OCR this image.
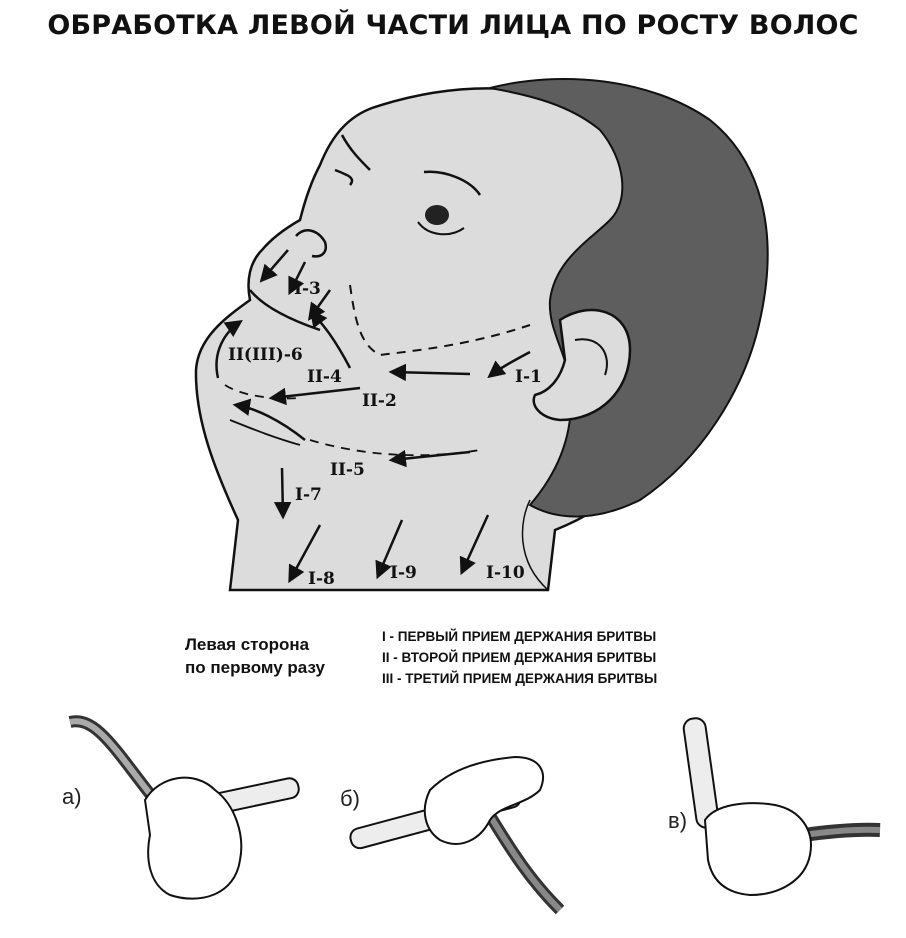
ОБРАБОТКА ЛЕВОЙ ЧАСТИ ЛИЦА ПО РОСТУ ВОЛОС
I-1
II-2
I-3
II-4
II-5
II(III)-6
I-7
I-8	I-9	I-10
Левая сторона
по первому разу
I - ПЕРВЫЙ ПРИЕМ ДЕРЖАНИЯ БРИТВЫ
II - ВТОРОЙ ПРИЕМ ДЕРЖАНИЯ БРИТВЫ
III - ТРЕТИЙ ПРИЕМ ДЕРЖАНИЯ БРИТВЫ
а)	б)
в)
